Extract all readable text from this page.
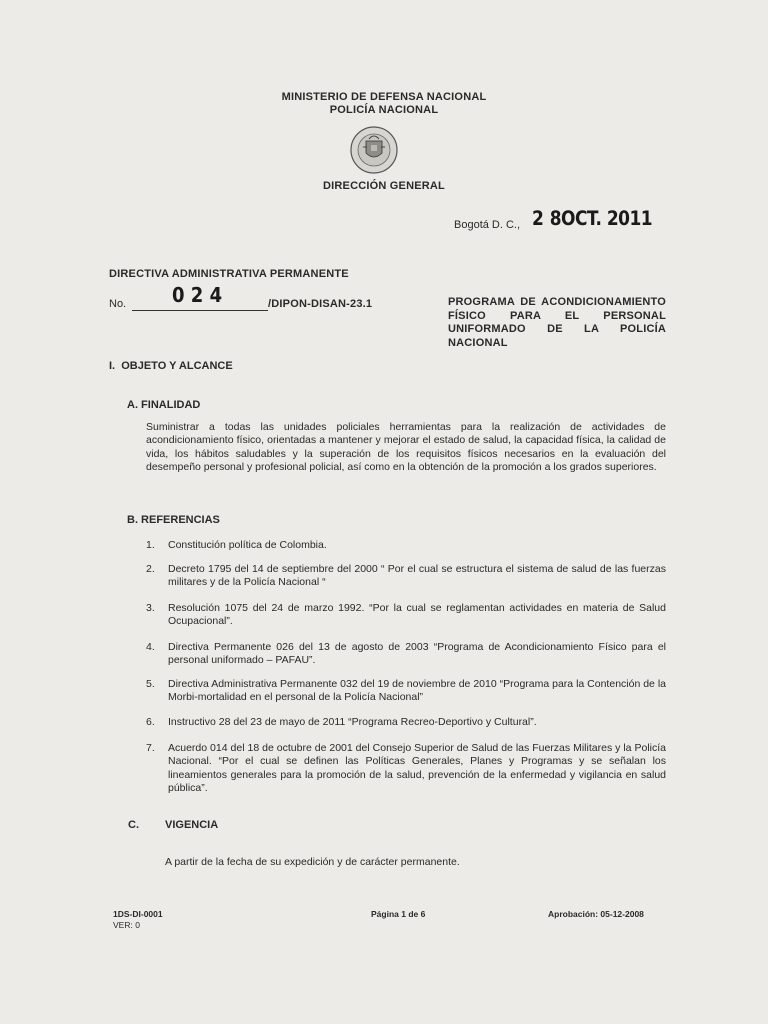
MINISTERIO DE DEFENSA NACIONAL
POLICÍA NACIONAL
DIRECCIÓN GENERAL
Bogotá D. C., 2 8 OCT. 2011
DIRECTIVA ADMINISTRATIVA PERMANENTE
No.	0 2 4	/DIPON-DISAN-23.1	PROGRAMA DE ACONDICIONAMIENTO
FÍSICO PARA EL PERSONAL
UNIFORMADO DE LA POLICÍA
NACIONAL
I.  OBJETO Y ALCANCE
A. FINALIDAD
Suministrar a todas las unidades policiales herramientas para la realización de actividades de acondicionamiento físico, orientadas a mantener y mejorar el estado de salud, la capacidad física, la calidad de vida, los hábitos saludables y la superación de los requisitos físicos necesarios en la evaluación del desempeño personal y profesional policial, así como en la obtención de la promoción a los grados superiores.
B. REFERENCIAS
1.	Constitución política de Colombia.
2.	Decreto 1795 del 14 de septiembre del 2000 “ Por el cual se estructura el sistema de salud de las fuerzas militares y de la Policía Nacional “
3.	Resolución 1075 del 24 de marzo 1992. “Por la cual se reglamentan actividades en materia de Salud Ocupacional”.
4.	Directiva Permanente 026 del 13 de agosto de 2003 “Programa de Acondicionamiento Físico para el personal uniformado – PAFAU”.
5.	Directiva Administrativa Permanente 032 del 19 de noviembre de 2010 “Programa para la Contención de la Morbi-mortalidad en el personal de la Policía Nacional”
6.	Instructivo 28 del 23 de mayo de 2011 “Programa Recreo-Deportivo y Cultural”.
7.	Acuerdo 014 del 18 de octubre de 2001 del Consejo Superior de Salud de las Fuerzas Militares y la Policía Nacional. “Por el cual se definen las Políticas Generales, Planes y Programas y se señalan los lineamientos generales para la promoción de la salud, prevención de la enfermedad y vigilancia en salud pública”.
C. VIGENCIA
A partir de la fecha de su expedición y de carácter permanente.
1DS-DI-0001
VER: 0
Página 1 de 6	Aprobación: 05-12-2008
